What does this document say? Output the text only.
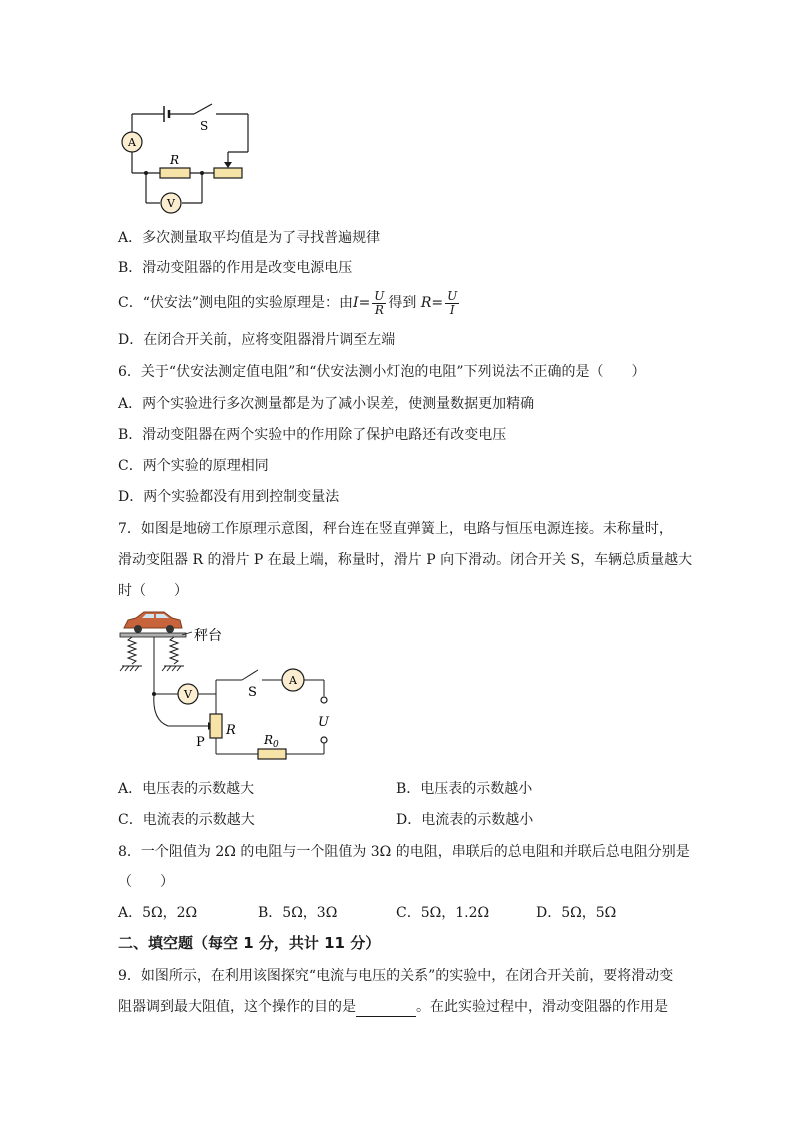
A
S
R
V
A．多次测量取平均值是为了寻找普遍规律
B．滑动变阻器的作用是改变电源电压
C．“伏安法”测电阻的实验原理是：由$I= \frac{U}{R}$ 得到 $R= \frac{U}{I}$
D．在闭合开关前，应将变阻器滑片调至左端
6．关于“伏安法测定值电阻”和“伏安法测小灯泡的电阻”下列说法不正确的是（　　）
A．两个实验进行多次测量都是为了减小误差，使测量数据更加精确
B．滑动变阻器在两个实验中的作用除了保护电路还有改变电压
C．两个实验的原理相同
D．两个实验都没有用到控制变量法
7．如图是地磅工作原理示意图，秤台连在竖直弹簧上，电路与恒压电源连接。未称量时，
滑动变阻器 R 的滑片 P 在最上端，称量时，滑片 P 向下滑动。闭合开关 S，车辆总质量越大
时（　　）
秤台
V
A
S
U
P
R
$R_0$
A．电压表的示数越大	B．电压表的示数越小
C．电流表的示数越大	D．电流表的示数越小
8．一个阻值为 2Ω 的电阻与一个阻值为 3Ω 的电阻，串联后的总电阻和并联后总电阻分别是
（　　）
A．5Ω，2Ω	B．5Ω，3Ω	C．5Ω，1.2Ω	D．5Ω，5Ω
二、填空题（每空 1 分，共计 11 分）
9．如图所示，在利用该图探究“电流与电压的关系”的实验中，在闭合开关前，要将滑动变
阻器调到最大阻值，这个操作的目的是	。在此实验过程中，滑动变阻器的作用是
